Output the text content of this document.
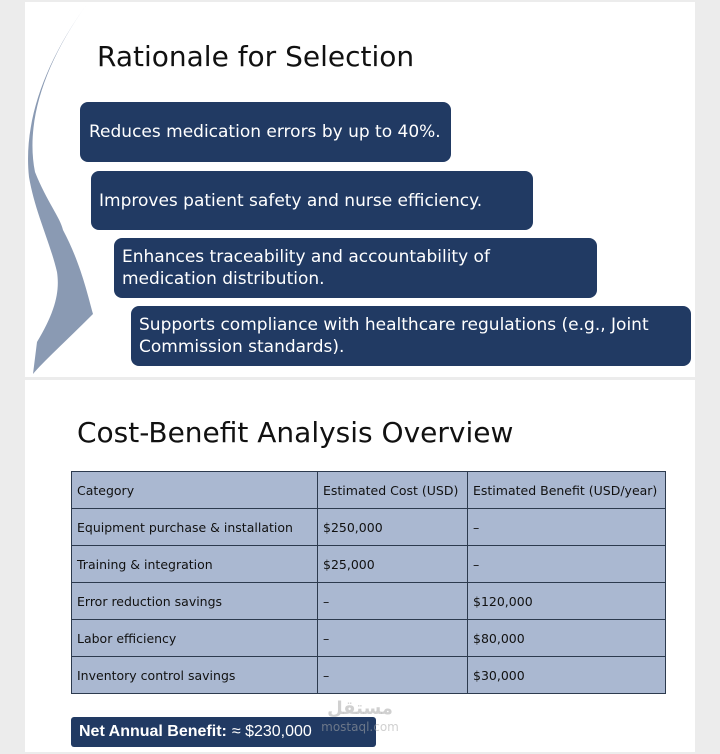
Rationale for Selection
Reduces medication errors by up to 40%.
Improves patient safety and nurse efficiency.
Enhances traceability and accountability of medication distribution.
Supports compliance with healthcare regulations (e.g., Joint Commission standards).
Cost-Benefit Analysis Overview
Category	Estimated Cost (USD)	Estimated Benefit (USD/year)
Equipment purchase & installation	$250,000	–
Training & integration	$25,000	–
Error reduction savings	–	$120,000
Labor efficiency	–	$80,000
Inventory control savings	–	$30,000
Net Annual Benefit: ≈ $230,000
مستقل
mostaql.com
